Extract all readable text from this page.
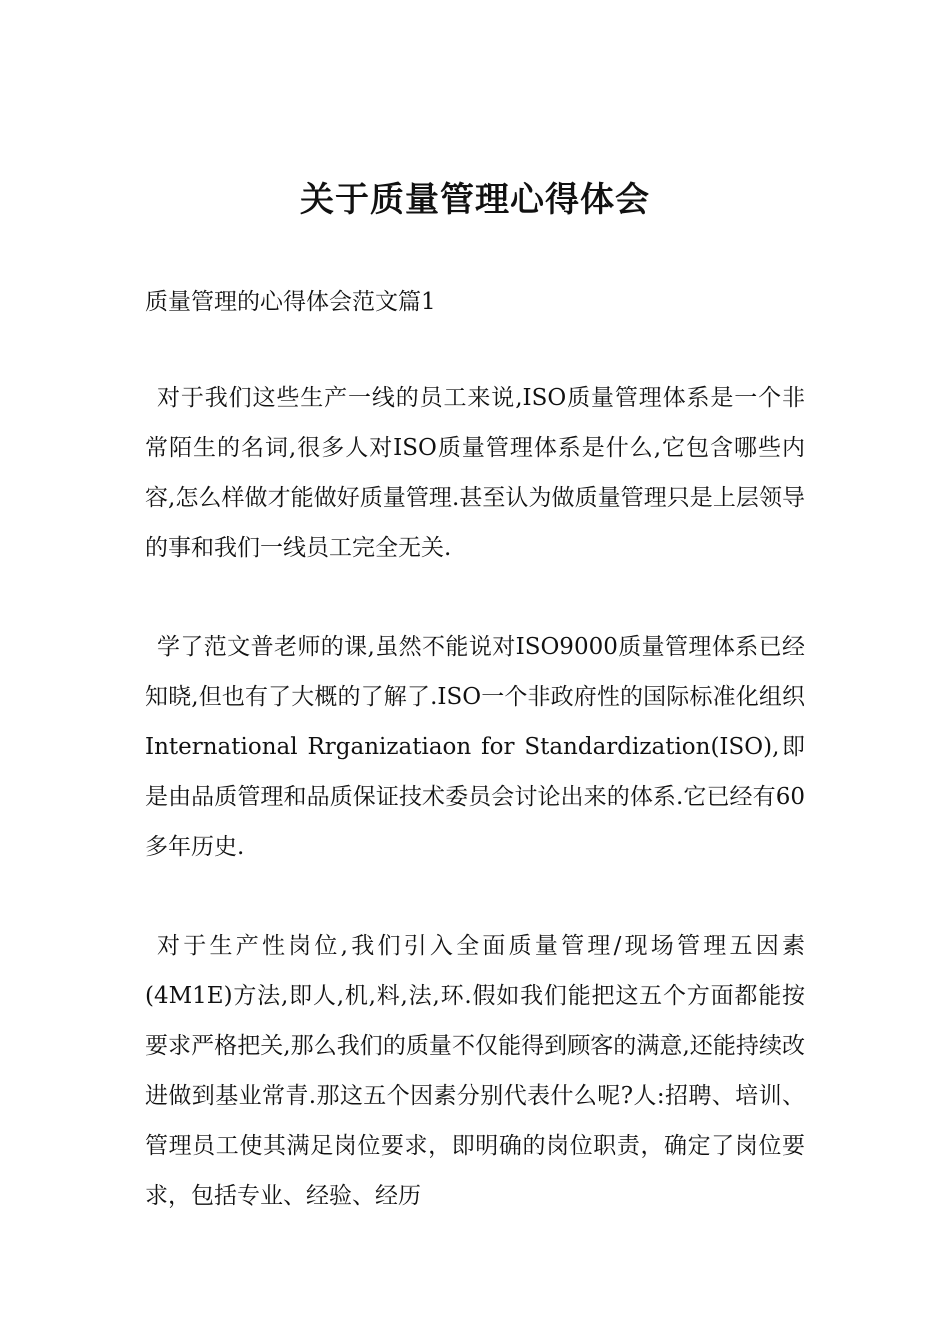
关于质量管理心得体会
质量管理的心得体会范文篇1

对于我们这些生产一线的员工来说,ISO质量管理体系是一个非常陌生的名词,很多人对ISO质量管理体系是什么,它包含哪些内容,怎么样做才能做好质量管理.甚至认为做质量管理只是上层领导的事和我们一线员工完全无关.

学了范文普老师的课,虽然不能说对ISO9000质量管理体系已经知晓,但也有了大概的了解了.ISO一个非政府性的国际标准化组织International Rrganizatiaon for Standardization(ISO),即是由品质管理和品质保证技术委员会讨论出来的体系.它已经有60多年历史.

对于生产性岗位,我们引入全面质量管理/现场管理五因素(4M1E)方法,即人,机,料,法,环.假如我们能把这五个方面都能按要求严格把关,那么我们的质量不仅能得到顾客的满意,还能持续改进做到基业常青.那这五个因素分别代表什么呢?人:招聘、培训、管理员工使其满足岗位要求，即明确的岗位职责，确定了岗位要求，包括专业、经验、经历
